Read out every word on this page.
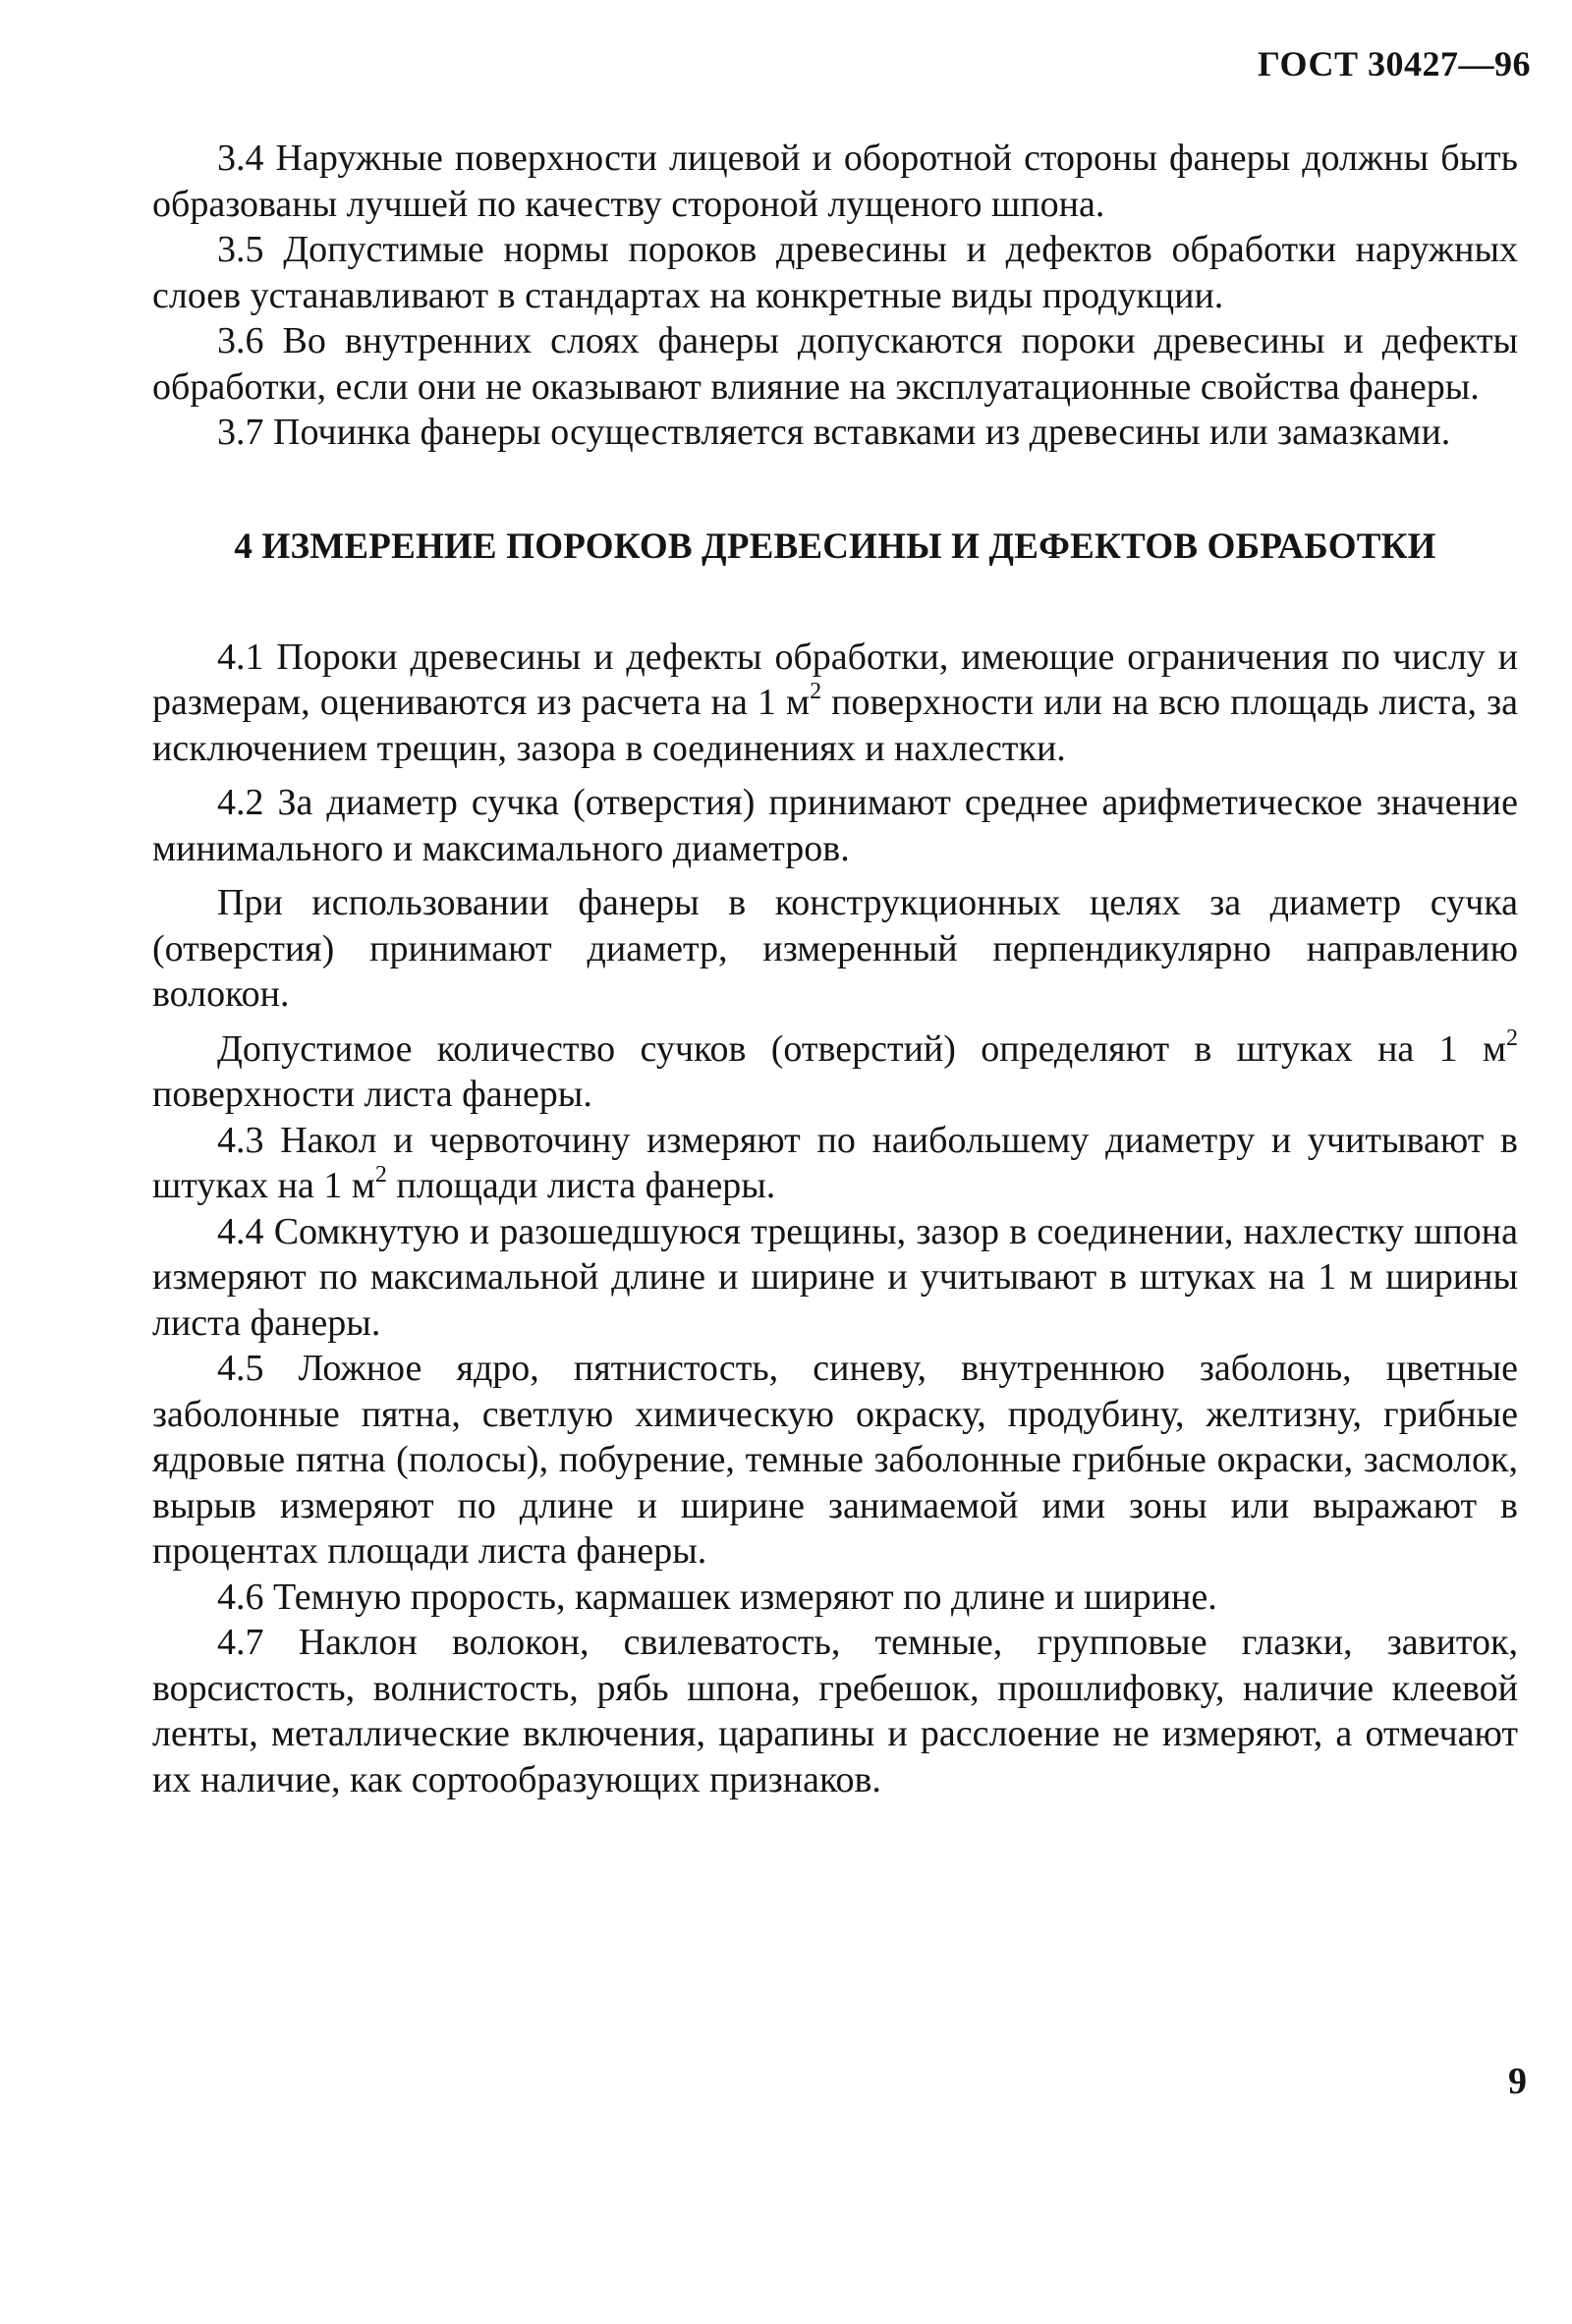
ГОСТ 30427—96

3.4 Наружные поверхности лицевой и оборотной стороны фанеры должны быть образованы лучшей по качеству стороной лущеного шпона.

3.5 Допустимые нормы пороков древесины и дефектов обработки наружных слоев устанавливают в стандартах на конкретные виды продукции.

3.6 Во внутренних слоях фанеры допускаются пороки древесины и дефекты обработки, если они не оказывают влияние на эксплуатационные свойства фанеры.

3.7 Починка фанеры осуществляется вставками из древесины или замазками.

4 ИЗМЕРЕНИЕ ПОРОКОВ ДРЕВЕСИНЫ И ДЕФЕКТОВ ОБРАБОТКИ

4.1 Пороки древесины и дефекты обработки, имеющие ограничения по числу и размерам, оцениваются из расчета на 1 $м^2$ поверхности или на всю площадь листа, за исключением трещин, зазора в соединениях и нахлестки.

4.2 За диаметр сучка (отверстия) принимают среднее арифметическое значение минимального и максимального диаметров.

При использовании фанеры в конструкционных целях за диаметр сучка (отверстия) принимают диаметр, измеренный перпендикулярно направлению волокон.

Допустимое количество сучков (отверстий) определяют в штуках на 1 $м^2$ поверхности листа фанеры.

4.3 Накол и червоточину измеряют по наибольшему диаметру и учитывают в штуках на 1 $м^2$ площади листа фанеры.

4.4 Сомкнутую и разошедшуюся трещины, зазор в соединении, нахлестку шпона измеряют по максимальной длине и ширине и учитывают в штуках на 1 м ширины листа фанеры.

4.5 Ложное ядро, пятнистость, синеву, внутреннюю заболонь, цветные заболонные пятна, светлую химическую окраску, продубину, желтизну, грибные ядровые пятна (полосы), побурение, темные заболонные грибные окраски, засмолок, вырыв измеряют по длине и ширине занимаемой ими зоны или выражают в процентах площади листа фанеры.

4.6 Темную прорость, кармашек измеряют по длине и ширине.

4.7 Наклон волокон, свилеватость, темные, групповые глазки, завиток, ворсистость, волнистость, рябь шпона, гребешок, прошлифовку, наличие клеевой ленты, металлические включения, царапины и расслоение не измеряют, а отмечают их наличие, как сортообразующих признаков.

9
